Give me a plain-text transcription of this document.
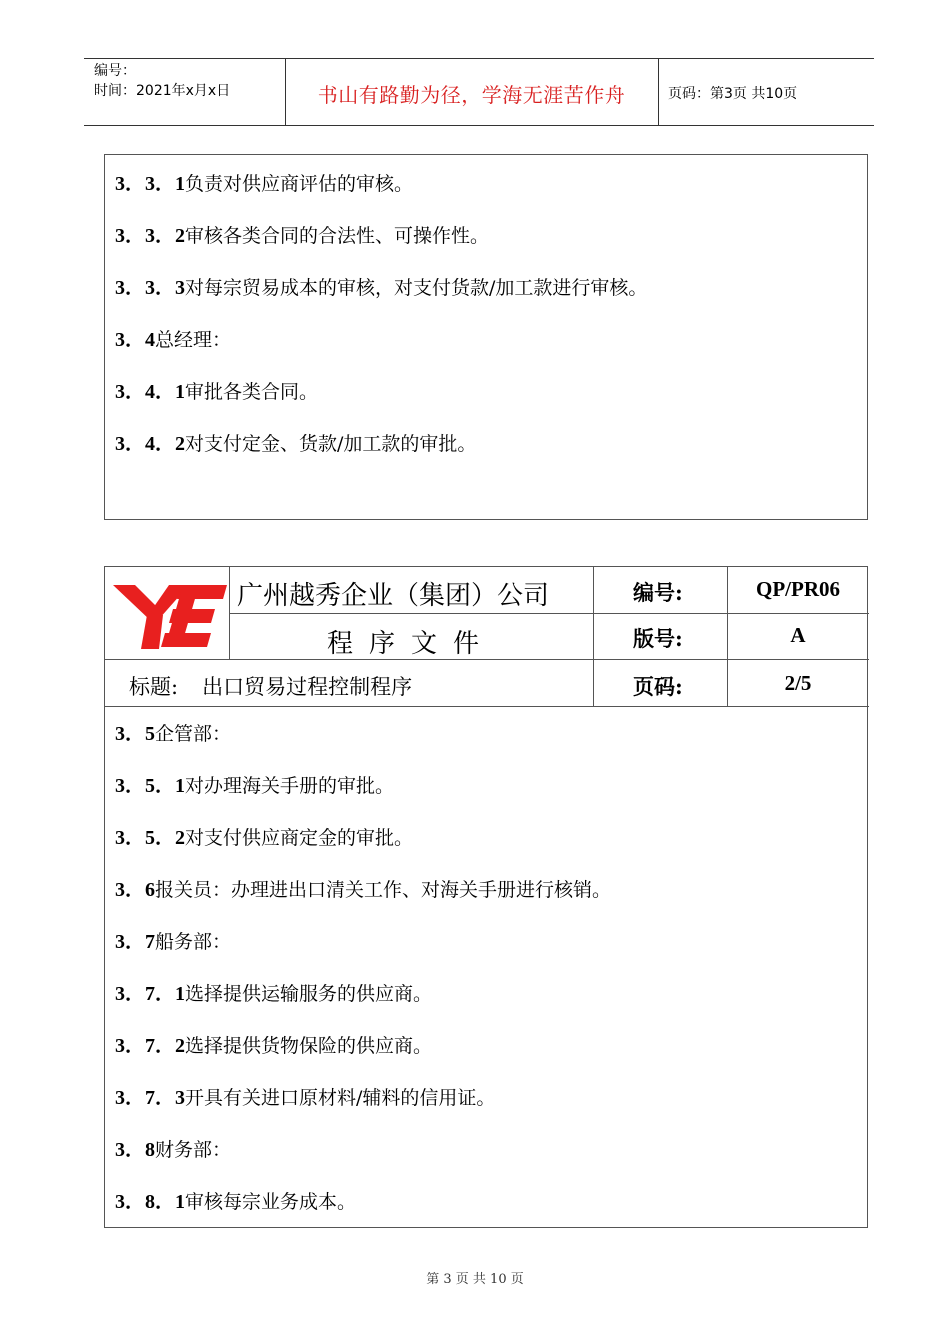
编号：
时间：2021年x月x日	书山有路勤为径，学海无涯苦作舟	页码：第3页 共10页
3．3．1负责对供应商评估的审核。
3．3．2审核各类合同的合法性、可操作性。
3．3．3对每宗贸易成本的审核，对支付货款/加工款进行审核。
3．4总经理：
3．4．1审批各类合同。
3．4．2对支付定金、货款/加工款的审批。
广州越秀企业（集团）公司
程序文件
编号:	QP/PR06
版号:	A
标题: 出口贸易过程控制程序	页码:	2/5
3．5企管部：
3．5．1对办理海关手册的审批。
3．5．2对支付供应商定金的审批。
3．6报关员：办理进出口清关工作、对海关手册进行核销。
3．7船务部：
3．7．1选择提供运输服务的供应商。
3．7．2选择提供货物保险的供应商。
3．7．3开具有关进口原材料/辅料的信用证。
3．8财务部：
3．8．1审核每宗业务成本。
第 3 页 共 10 页
